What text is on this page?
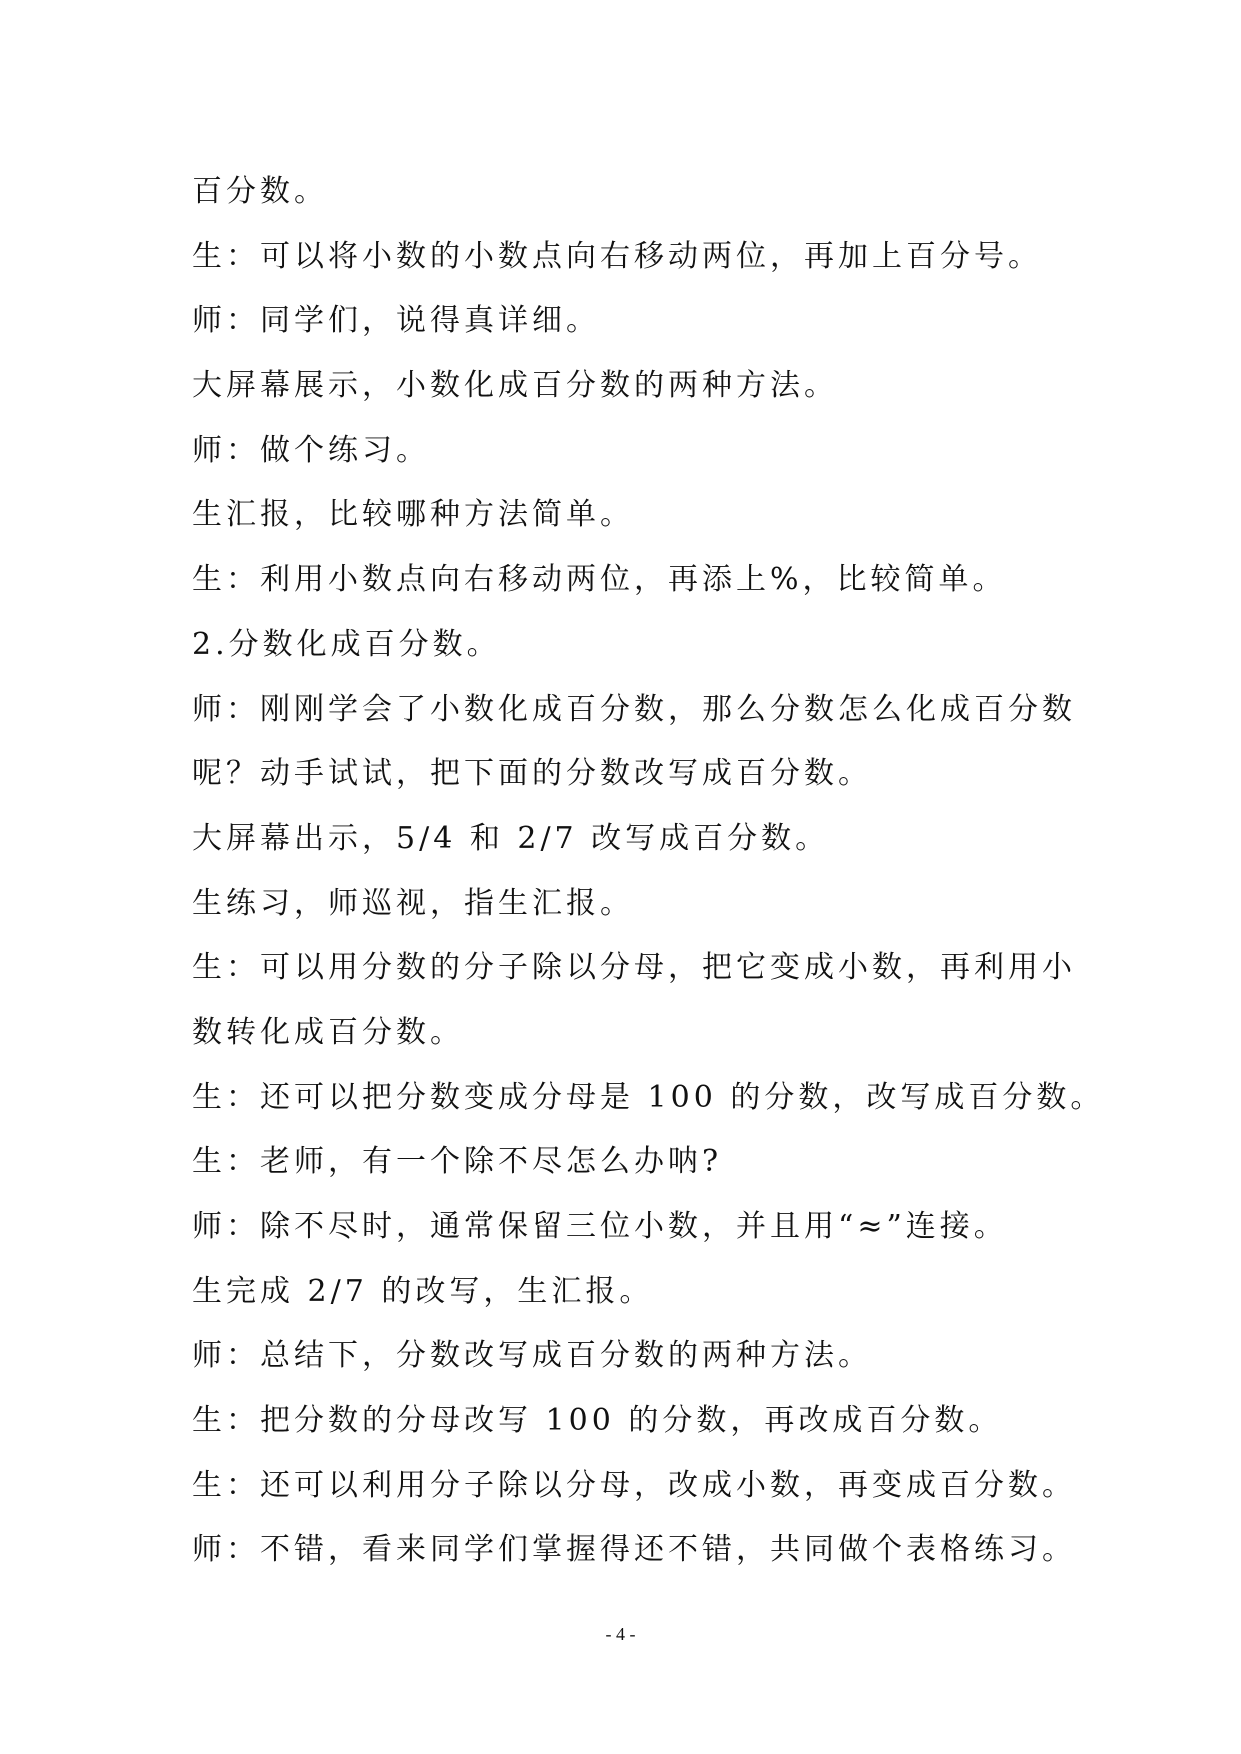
百分数。
生：可以将小数的小数点向右移动两位，再加上百分号。
师：同学们，说得真详细。
大屏幕展示，小数化成百分数的两种方法。
师：做个练习。
生汇报，比较哪种方法简单。
生：利用小数点向右移动两位，再添上%，比较简单。
2.分数化成百分数。
师：刚刚学会了小数化成百分数，那么分数怎么化成百分数
呢？动手试试，把下面的分数改写成百分数。
大屏幕出示，5/4 和 2/7 改写成百分数。
生练习，师巡视，指生汇报。
生：可以用分数的分子除以分母，把它变成小数，再利用小
数转化成百分数。
生：还可以把分数变成分母是 100 的分数，改写成百分数。
生：老师，有一个除不尽怎么办呐?
师：除不尽时，通常保留三位小数，并且用“≈”连接。
生完成 2/7 的改写，生汇报。
师：总结下，分数改写成百分数的两种方法。
生：把分数的分母改写 100 的分数，再改成百分数。
生：还可以利用分子除以分母，改成小数，再变成百分数。
师：不错，看来同学们掌握得还不错，共同做个表格练习。
- 4 -
